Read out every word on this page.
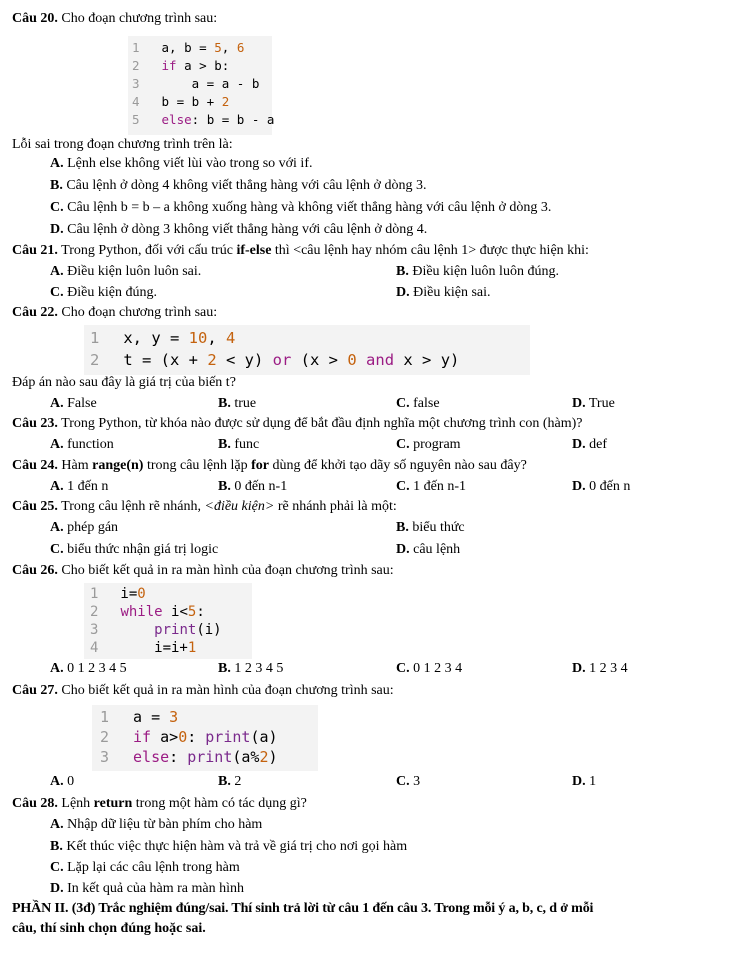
Câu 20. Cho đoạn chương trình sau:
1 a, b = 5, 6
2 if a > b:
3     a = a - b
4 b = b + 2
5 else: b = b - a
Lỗi sai trong đoạn chương trình trên là:
A. Lệnh else không viết lùi vào trong so với if.
B. Câu lệnh ở dòng 4 không viết thẳng hàng với câu lệnh ở dòng 3.
C. Câu lệnh b = b – a không xuống hàng và không viết thẳng hàng với câu lệnh ở dòng 3.
D. Câu lệnh ở dòng 3 không viết thẳng hàng với câu lệnh ở dòng 4.
Câu 21. Trong Python, đối với cấu trúc if-else thì <câu lệnh hay nhóm câu lệnh 1> được thực hiện khi:
A. Điều kiện luôn luôn sai.	B. Điều kiện luôn luôn đúng.
C. Điều kiện đúng.	D. Điều kiện sai.
Câu 22. Cho đoạn chương trình sau:
1 x, y = 10, 4
2 t = (x + 2 < y) or (x > 0 and x > y)
Đáp án nào sau đây là giá trị của biến t?
A. False	B. true	C. false	D. True
Câu 23. Trong Python, từ khóa nào được sử dụng để bắt đầu định nghĩa một chương trình con (hàm)?
A. function	B. func	C. program	D. def
Câu 24. Hàm range(n) trong câu lệnh lặp for dùng để khởi tạo dãy số nguyên nào sau đây?
A. 1 đến n	B. 0 đến n-1	C. 1 đến n-1	D. 0 đến n
Câu 25. Trong câu lệnh rẽ nhánh, <điều kiện> rẽ nhánh phải là một:
A. phép gán	B. biểu thức
C. biểu thức nhận giá trị logic	D. câu lệnh
Câu 26. Cho biết kết quả in ra màn hình của đoạn chương trình sau:
1 i=0
2 while i<5:
3	print(i)
4     i=i+1
A. 0 1 2 3 4 5	B. 1 2 3 4 5	C. 0 1 2 3 4	D. 1 2 3 4
Câu 27. Cho biết kết quả in ra màn hình của đoạn chương trình sau:
1 a = 3
2 if a>0: print(a)
3 else: print(a%2)
A. 0	B. 2	C. 3	D. 1
Câu 28. Lệnh return trong một hàm có tác dụng gì?
A. Nhập dữ liệu từ bàn phím cho hàm
B. Kết thúc việc thực hiện hàm và trả về giá trị cho nơi gọi hàm
C. Lặp lại các câu lệnh trong hàm
D. In kết quả của hàm ra màn hình
PHẦN II. (3đ) Trắc nghiệm đúng/sai. Thí sinh trả lời từ câu 1 đến câu 3. Trong mỗi ý a, b, c, d ở mỗi
câu, thí sinh chọn đúng hoặc sai.
